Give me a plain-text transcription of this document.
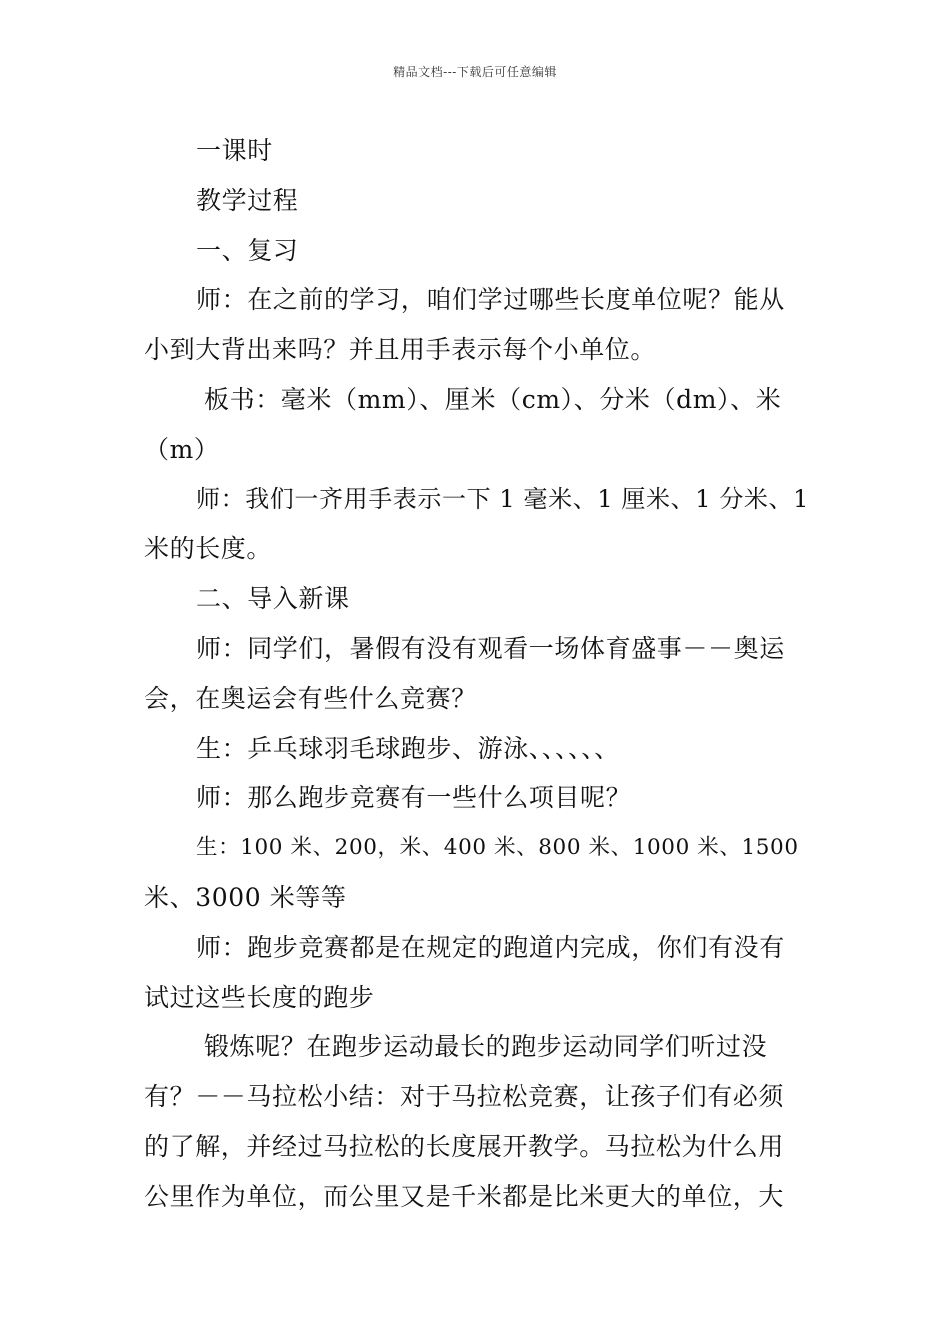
精品文档---下载后可任意编辑
一课时
教学过程
一、复习
师：在之前的学习，咱们学过哪些长度单位呢？能从
小到大背出来吗？并且用手表示每个小单位。
板书：毫米（mm）、厘米（cm）、分米（dm）、米
（m）
师：我们一齐用手表示一下 1 毫米、1 厘米、1 分米、1
米的长度。
二、导入新课
师：同学们，暑假有没有观看一场体育盛事－－奥运
会，在奥运会有些什么竞赛？
生：乒乓球羽毛球跑步、游泳、、、、、、
师：那么跑步竞赛有一些什么项目呢？
生：100 米、200，米、400 米、800 米、1000 米、1500
米、3000 米等等
师：跑步竞赛都是在规定的跑道内完成，你们有没有
试过这些长度的跑步
锻炼呢？在跑步运动最长的跑步运动同学们听过没
有？－－马拉松小结：对于马拉松竞赛，让孩子们有必须
的了解，并经过马拉松的长度展开教学。马拉松为什么用
公里作为单位，而公里又是千米都是比米更大的单位，大
